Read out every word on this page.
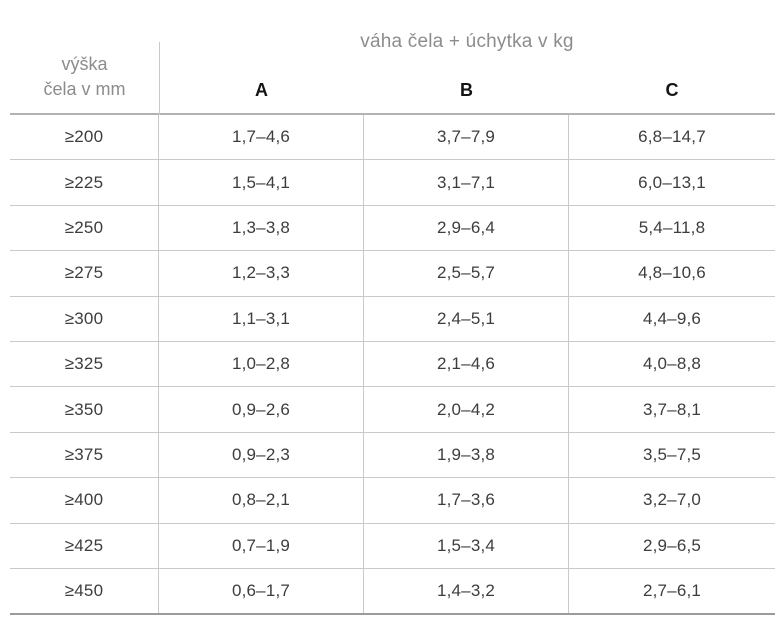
váha čela + úchytka v kg
výška
čela v mm	A	B	C
≥200	1,7–4,6	3,7–7,9	6,8–14,7
≥225	1,5–4,1	3,1–7,1	6,0–13,1
≥250	1,3–3,8	2,9–6,4	5,4–11,8
≥275	1,2–3,3	2,5–5,7	4,8–10,6
≥300	1,1–3,1	2,4–5,1	4,4–9,6
≥325	1,0–2,8	2,1–4,6	4,0–8,8
≥350	0,9–2,6	2,0–4,2	3,7–8,1
≥375	0,9–2,3	1,9–3,8	3,5–7,5
≥400	0,8–2,1	1,7–3,6	3,2–7,0
≥425	0,7–1,9	1,5–3,4	2,9–6,5
≥450	0,6–1,7	1,4–3,2	2,7–6,1
